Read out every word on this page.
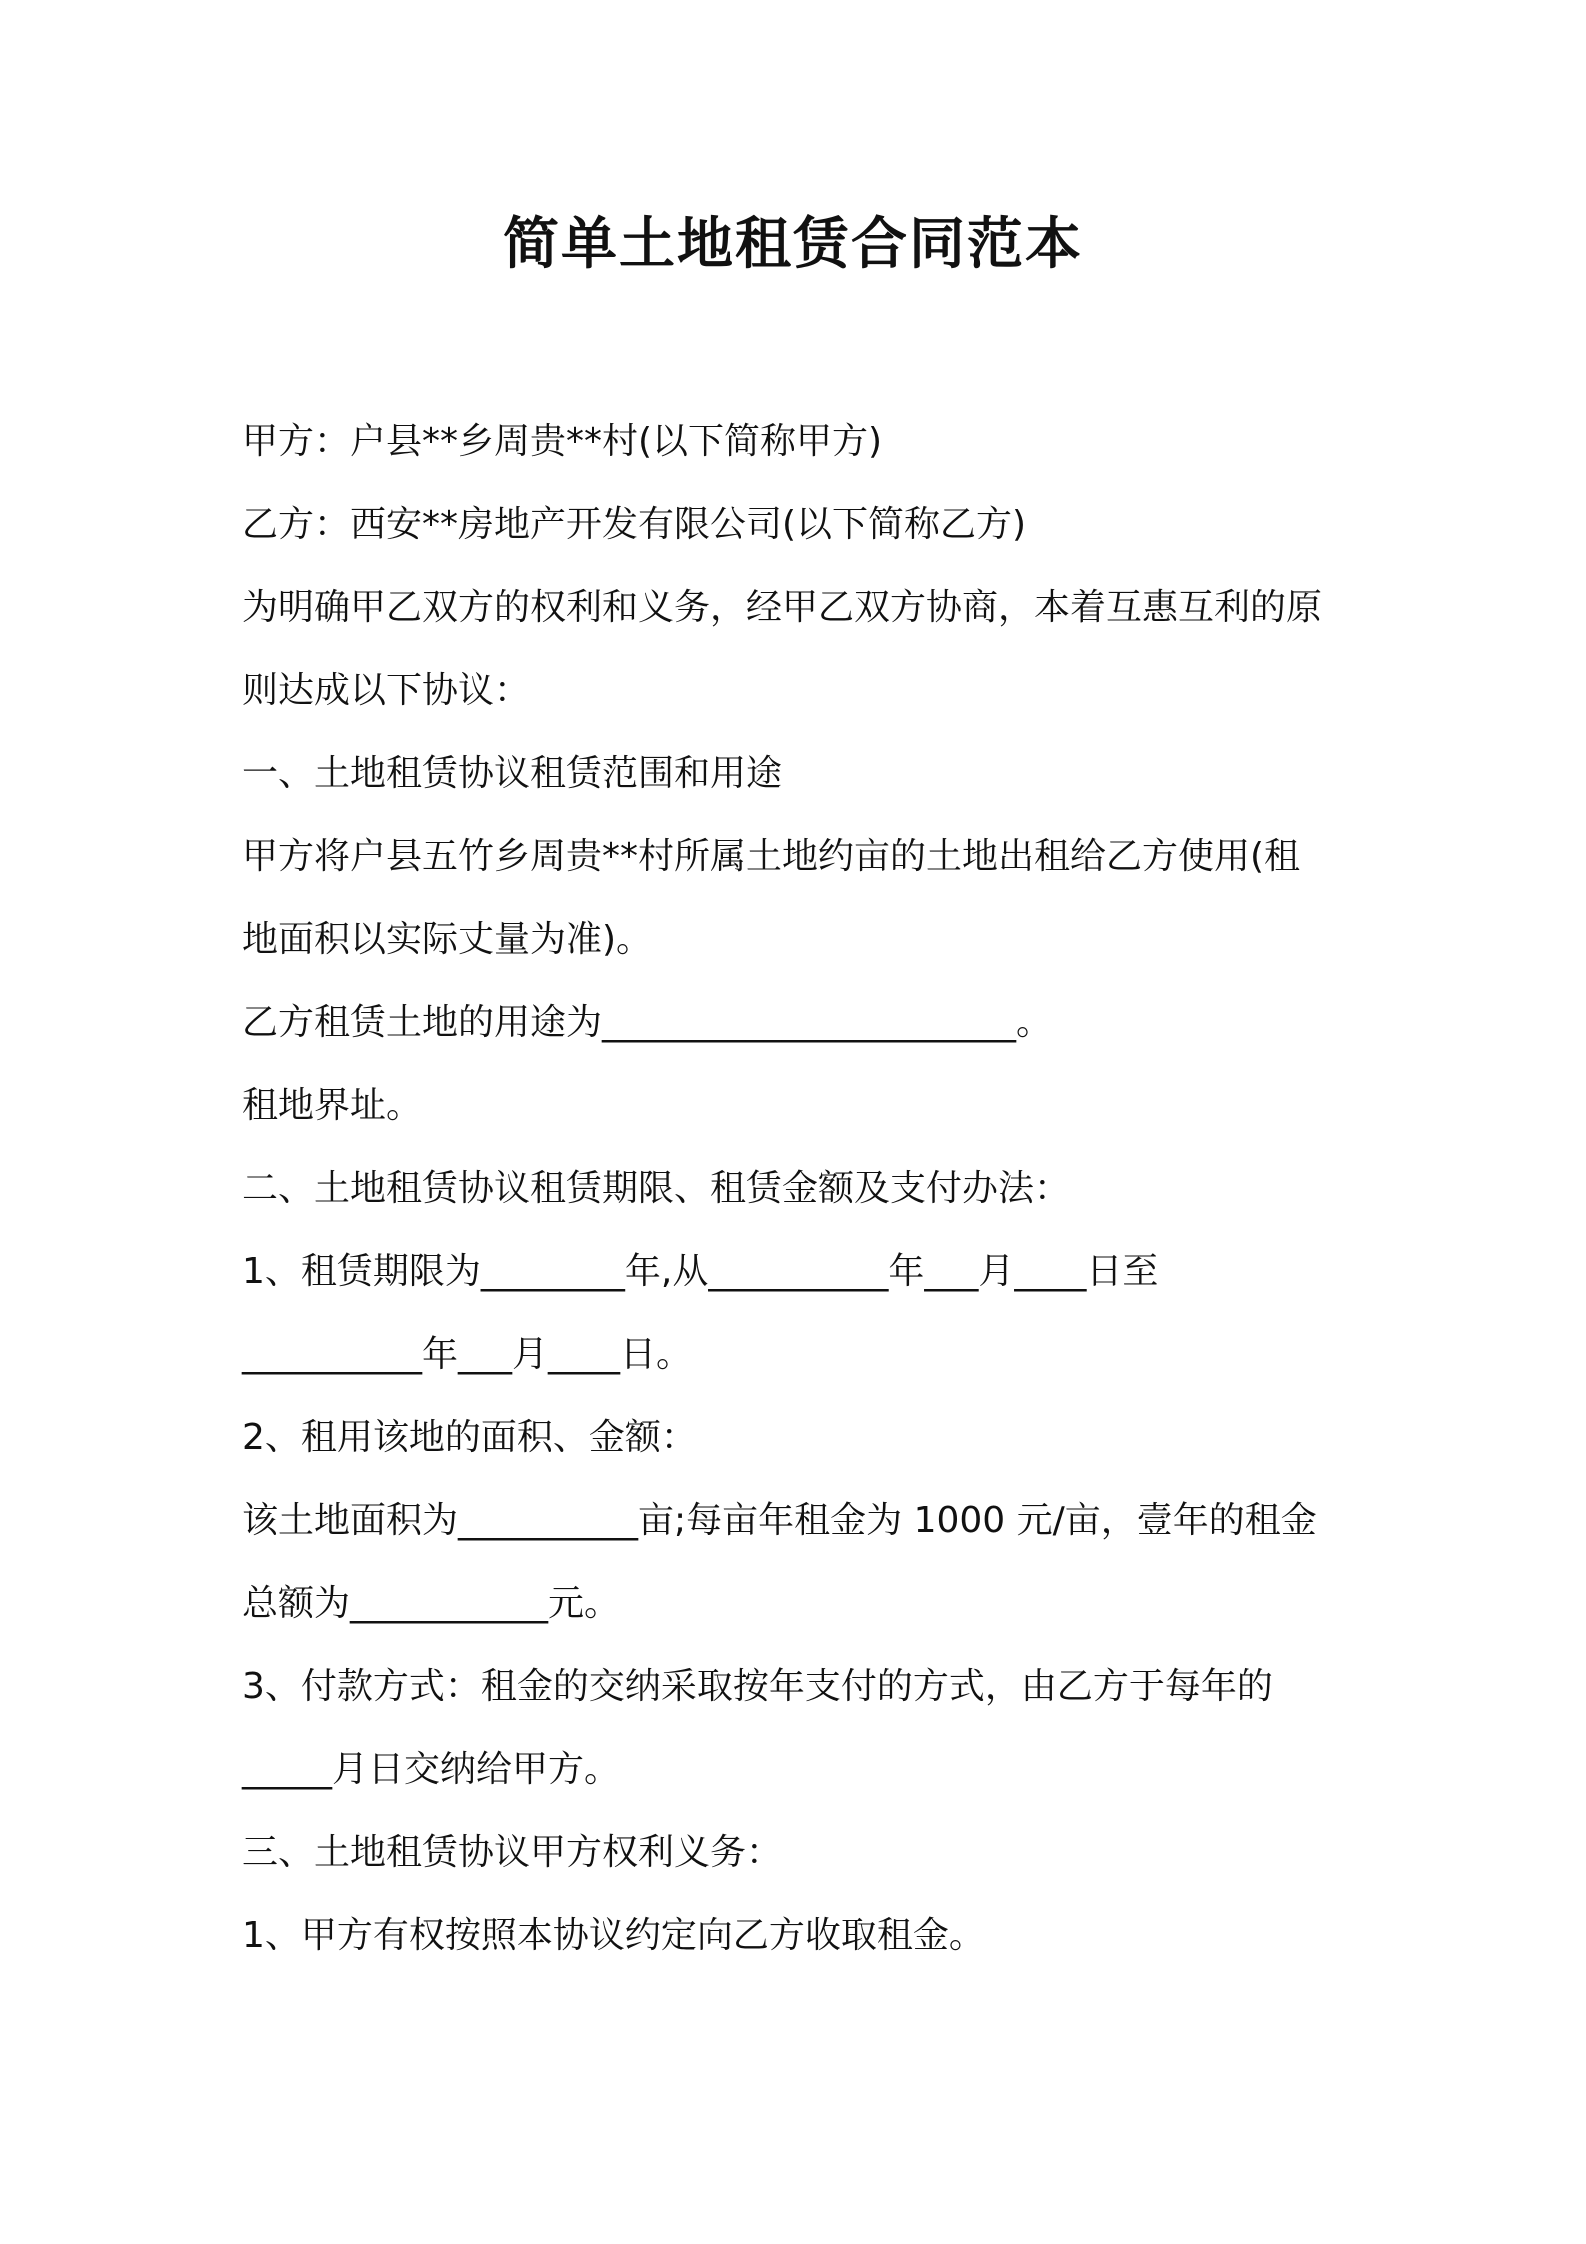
简单土地租赁合同范本

甲方：户县**乡周贵**村(以下简称甲方)

乙方：西安**房地产开发有限公司(以下简称乙方)

为明确甲乙双方的权利和义务，经甲乙双方协商，本着互惠互利的原

则达成以下协议：

一、土地租赁协议租赁范围和用途

甲方将户县五竹乡周贵**村所属土地约亩的土地出租给乙方使用(租

地面积以实际丈量为准)。

乙方租赁土地的用途为_______________________。

租地界址。

二、土地租赁协议租赁期限、租赁金额及支付办法：

1、租赁期限为________年,从__________年___月____日至

__________年___月____日。

2、租用该地的面积、金额：

该土地面积为__________亩;每亩年租金为 1000 元/亩，壹年的租金

总额为___________元。

3、付款方式：租金的交纳采取按年支付的方式，由乙方于每年的

_____月日交纳给甲方。

三、土地租赁协议甲方权利义务：

1、甲方有权按照本协议约定向乙方收取租金。
